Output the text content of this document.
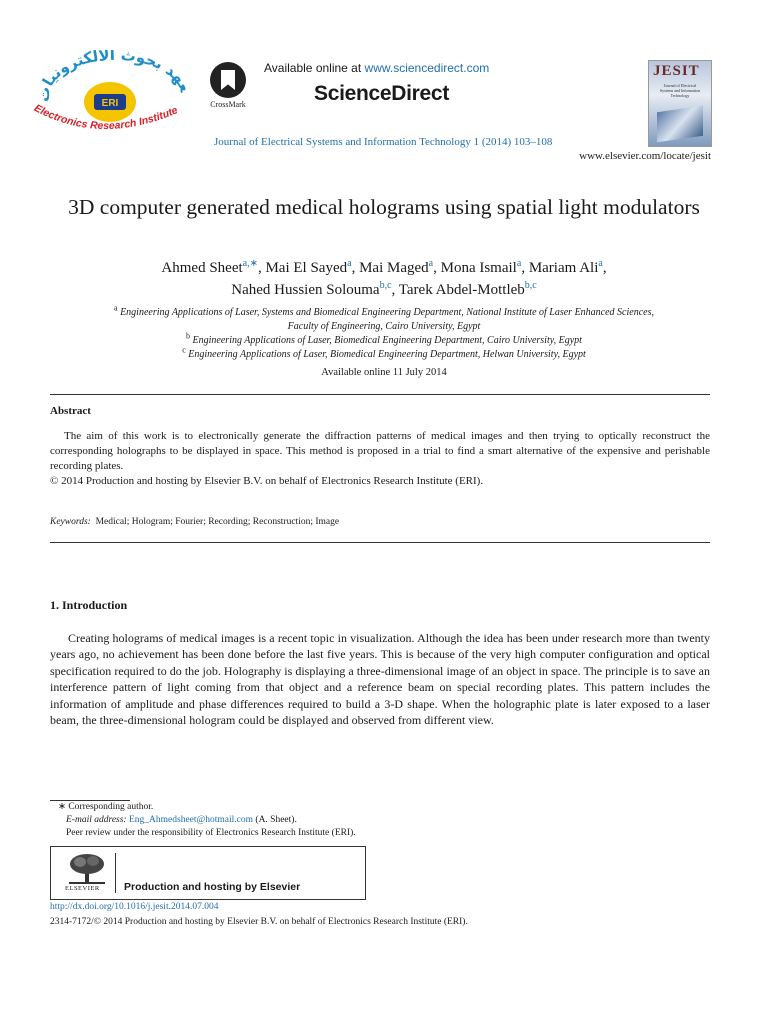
عهد بحوث الالكترونيات
ERI
Electronics Research Institute	CrossMark
Available online at www.sciencedirect.com
ScienceDirect
Journal of Electrical Systems and Information Technology 1 (2014) 103–108
JESIT
Journal of Electrical Systems and Information Technology
www.elsevier.com/locate/jesit
3D computer generated medical holograms using spatial light modulators
Ahmed Sheet$^{a,∗}$, Mai El Sayed$^a$, Mai Maged$^a$, Mona Ismail$^a$, Mariam Ali$^a$,
Nahed Hussien Solouma$^{b,c}$, Tarek Abdel-Mottleb$^{b,c}$
$^a$ Engineering Applications of Laser, Systems and Biomedical Engineering Department, National Institute of Laser Enhanced Sciences,
Faculty of Engineering, Cairo University, Egypt
$^b$ Engineering Applications of Laser, Biomedical Engineering Department, Cairo University, Egypt
$^c$ Engineering Applications of Laser, Biomedical Engineering Department, Helwan University, Egypt
Available online 11 July 2014
Abstract

The aim of this work is to electronically generate the diffraction patterns of medical images and then trying to optically reconstruct the corresponding holographs to be displayed in space. This method is proposed in a trial to find a smart alternative of the expensive and perishable recording plates.

© 2014 Production and hosting by Elsevier B.V. on behalf of Electronics Research Institute (ERI).

Keywords: Medical; Hologram; Fourier; Recording; Reconstruction; Image
1. Introduction
Creating holograms of medical images is a recent topic in visualization. Although the idea has been under research more than twenty years ago, no achievement has been done before the last five years. This is because of the very high computer configuration and optical specification required to do the job. Holography is displaying a three-dimensional image of an object in space. The principle is to save an interference pattern of light coming from that object and a reference beam on special recording plates. This pattern includes the information of amplitude and phase differences required to build a 3-D shape. When the holographic plate is later exposed to a laser beam, the three-dimensional hologram could be displayed and observed from different view.
∗ Corresponding author.
E-mail address: Eng_Ahmedsheet@hotmail.com (A. Sheet).
Peer review under the responsibility of Electronics Research Institute (ERI).
ELSEVIER Production and hosting by Elsevier
http://dx.doi.org/10.1016/j.jesit.2014.07.004
2314-7172/© 2014 Production and hosting by Elsevier B.V. on behalf of Electronics Research Institute (ERI).
